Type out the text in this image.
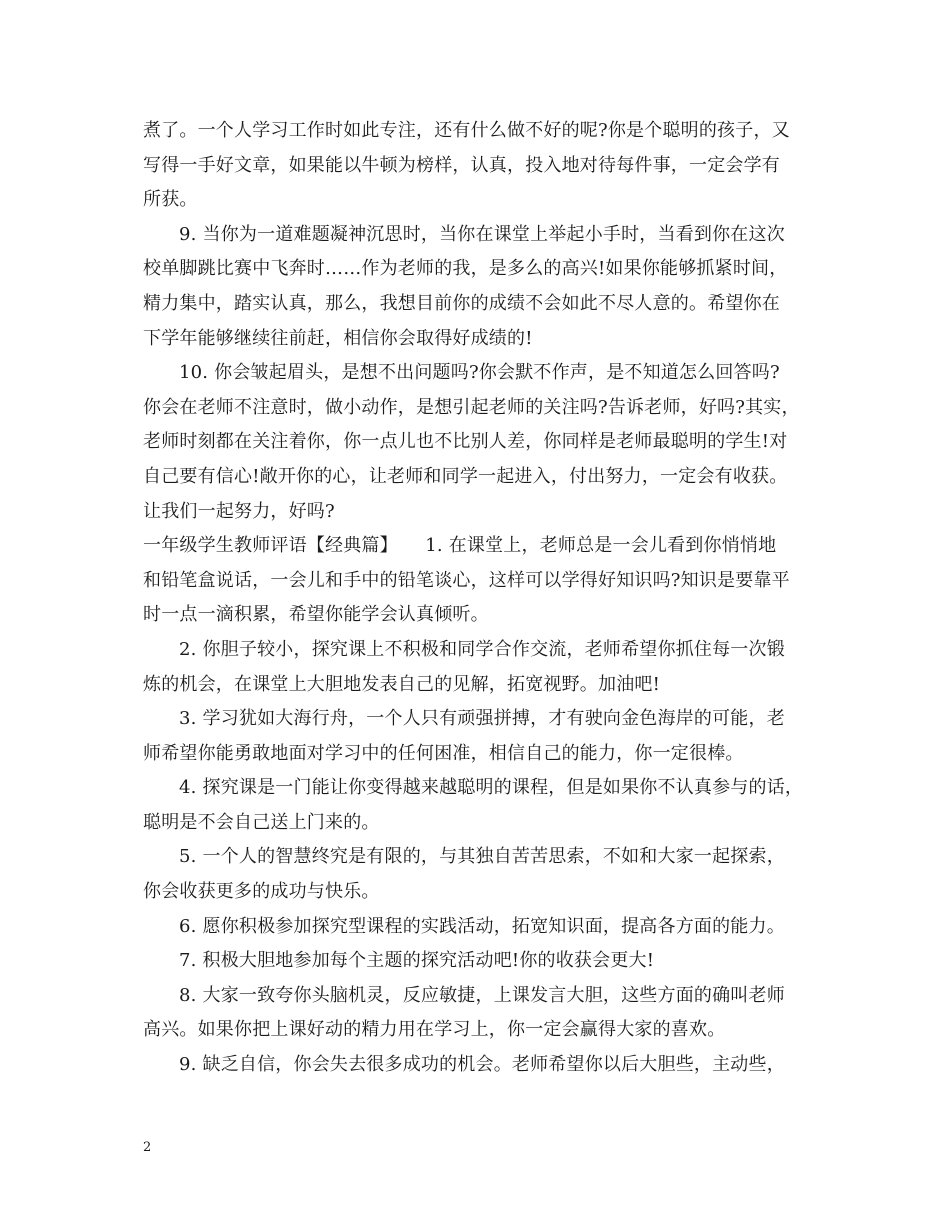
煮了。一个人学习工作时如此专注，还有什么做不好的呢?你是个聪明的孩子，又
写得一手好文章，如果能以牛顿为榜样，认真，投入地对待每件事，一定会学有
所获。
9. 当你为一道难题凝神沉思时，当你在课堂上举起小手时，当看到你在这次
校单脚跳比赛中飞奔时……作为老师的我，是多么的高兴!如果你能够抓紧时间，
精力集中，踏实认真，那么，我想目前你的成绩不会如此不尽人意的。希望你在
下学年能够继续往前赶，相信你会取得好成绩的!
10. 你会皱起眉头，是想不出问题吗?你会默不作声，是不知道怎么回答吗?
你会在老师不注意时，做小动作，是想引起老师的关注吗?告诉老师，好吗?其实，
老师时刻都在关注着你，你一点儿也不比别人差，你同样是老师最聪明的学生!对
自己要有信心!敞开你的心，让老师和同学一起进入，付出努力，一定会有收获。
让我们一起努力，好吗?
一年级学生教师评语【经典篇】　　1. 在课堂上，老师总是一会儿看到你悄悄地
和铅笔盒说话，一会儿和手中的铅笔谈心，这样可以学得好知识吗?知识是要靠平
时一点一滴积累，希望你能学会认真倾听。
2. 你胆子较小，探究课上不积极和同学合作交流，老师希望你抓住每一次锻
炼的机会，在课堂上大胆地发表自己的见解，拓宽视野。加油吧!
3. 学习犹如大海行舟，一个人只有顽强拼搏，才有驶向金色海岸的可能，老
师希望你能勇敢地面对学习中的任何困准，相信自己的能力，你一定很棒。
4. 探究课是一门能让你变得越来越聪明的课程，但是如果你不认真参与的话，
聪明是不会自己送上门来的。
5. 一个人的智慧终究是有限的，与其独自苦苦思索，不如和大家一起探索，
你会收获更多的成功与快乐。
6. 愿你积极参加探究型课程的实践活动，拓宽知识面，提高各方面的能力。
7. 积极大胆地参加每个主题的探究活动吧!你的收获会更大!
8. 大家一致夸你头脑机灵，反应敏捷，上课发言大胆，这些方面的确叫老师
高兴。如果你把上课好动的精力用在学习上，你一定会赢得大家的喜欢。
9. 缺乏自信，你会失去很多成功的机会。老师希望你以后大胆些，主动些，
2
